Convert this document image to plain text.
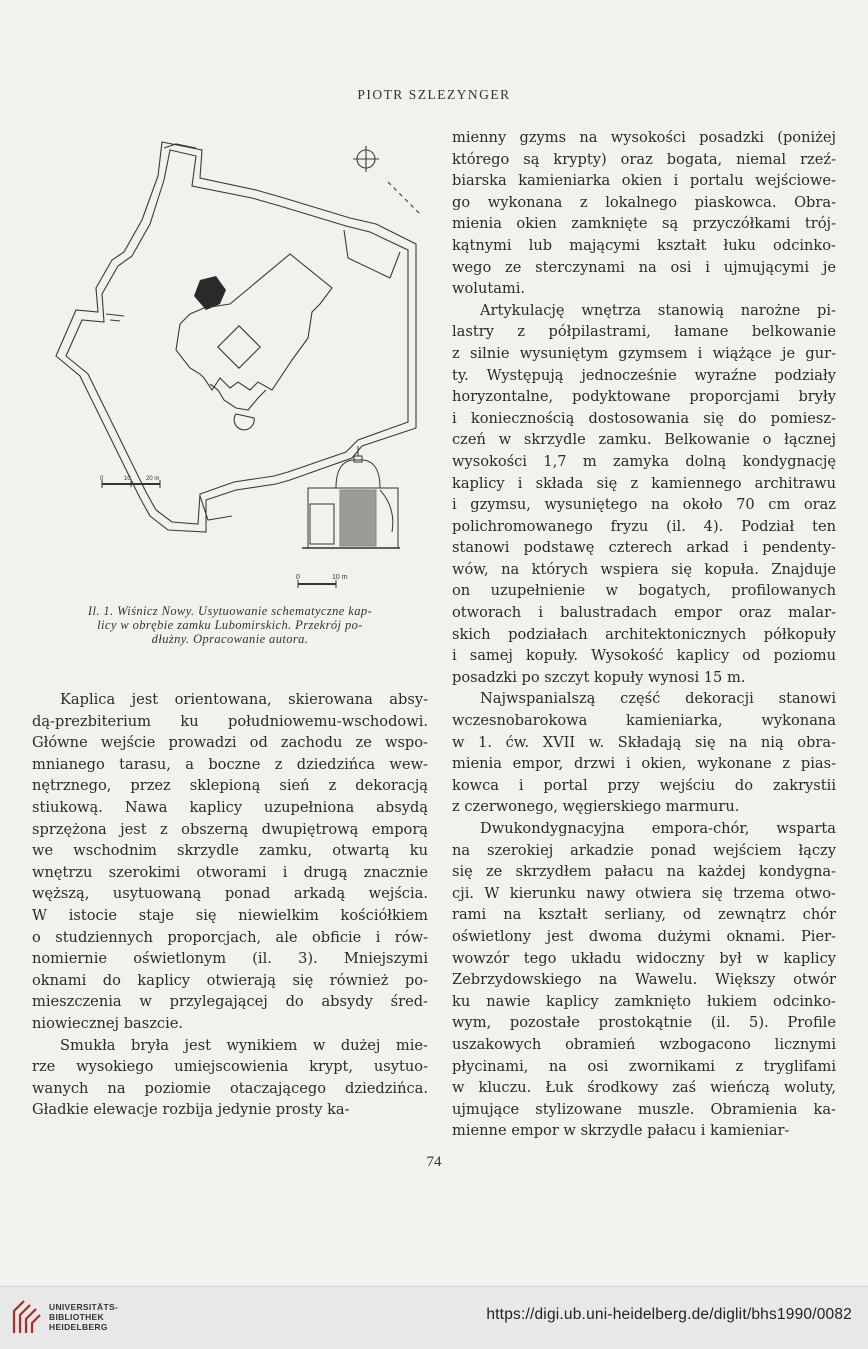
PIOTR SZLEZYNGER
0	10	20 m
0	10 m
Il. 1. Wiśnicz Nowy. Usytuowanie schematyczne kap-
licy w obrębie zamku Lubomirskich. Przekrój po-
dłużny. Opracowanie autora.

Kaplica jest orientowana, skierowana absy-
dą-prezbiterium ku południowemu-wschodowi.
Główne wejście prowadzi od zachodu ze wspo-
mnianego tarasu, a boczne z dziedzińca wew-
nętrznego, przez sklepioną sień z dekoracją
stiukową. Nawa kaplicy uzupełniona absydą
sprzężona jest z obszerną dwupiętrową emporą
we wschodnim skrzydle zamku, otwartą ku
wnętrzu szerokimi otworami i drugą znacznie
węższą, usytuowaną ponad arkadą wejścia.
W istocie staje się niewielkim kościółkiem
o studziennych proporcjach, ale obficie i rów-
nomiernie oświetlonym (il. 3). Mniejszymi
oknami do kaplicy otwierają się również po-
mieszczenia w przylegającej do absydy śred-
niowiecznej baszcie.

Smukła bryła jest wynikiem w dużej mie-
rze wysokiego umiejscowienia krypt, usytuo-
wanych na poziomie otaczającego dziedzińca.
Gładkie elewacje rozbija jedynie prosty ka-

mienny gzyms na wysokości posadzki (poniżej
którego są krypty) oraz bogata, niemal rzeź-
biarska kamieniarka okien i portalu wejściowe-
go wykonana z lokalnego piaskowca. Obra-
mienia okien zamknięte są przyczółkami trój-
kątnymi lub mającymi kształt łuku odcinko-
wego ze sterczynami na osi i ujmującymi je
wolutami.

Artykulację wnętrza stanowią narożne pi-
lastry z półpilastrami, łamane belkowanie
z silnie wysuniętym gzymsem i wiążące je gur-
ty. Występują jednocześnie wyraźne podziały
horyzontalne, podyktowane proporcjami bryły
i koniecznością dostosowania się do pomiesz-
czeń w skrzydle zamku. Belkowanie o łącznej
wysokości 1,7 m zamyka dolną kondygnację
kaplicy i składa się z kamiennego architrawu
i gzymsu, wysuniętego na około 70 cm oraz
polichromowanego fryzu (il. 4). Podział ten
stanowi podstawę czterech arkad i pendenty-
wów, na których wspiera się kopuła. Znajduje
on uzupełnienie w bogatych, profilowanych
otworach i balustradach empor oraz malar-
skich podziałach architektonicznych półkopuły
i samej kopuły. Wysokość kaplicy od poziomu
posadzki po szczyt kopuły wynosi 15 m.

Najwspanialszą część dekoracji stanowi
wczesnobarokowa kamieniarka, wykonana
w 1. ćw. XVII w. Składają się na nią obra-
mienia empor, drzwi i okien, wykonane z pias-
kowca i portal przy wejściu do zakrystii
z czerwonego, węgierskiego marmuru.

Dwukondygnacyjna empora-chór, wsparta
na szerokiej arkadzie ponad wejściem łączy
się ze skrzydłem pałacu na każdej kondygna-
cji. W kierunku nawy otwiera się trzema otwo-
rami na kształt serliany, od zewnątrz chór
oświetlony jest dwoma dużymi oknami. Pier-
wowzór tego układu widoczny był w kaplicy
Zebrzydowskiego na Wawelu. Większy otwór
ku nawie kaplicy zamknięto łukiem odcinko-
wym, pozostałe prostokątnie (il. 5). Profile
uszakowych obramień wzbogacono licznymi
płycinami, na osi zwornikami z tryglifami
w kluczu. Łuk środkowy zaś wieńczą woluty,
ujmujące stylizowane muszle. Obramienia ka-
mienne empor w skrzydle pałacu i kamieniar-

74
UNIVERSITÄTS-
BIBLIOTHEK
HEIDELBERG
https://digi.ub.uni-heidelberg.de/diglit/bhs1990/0082
